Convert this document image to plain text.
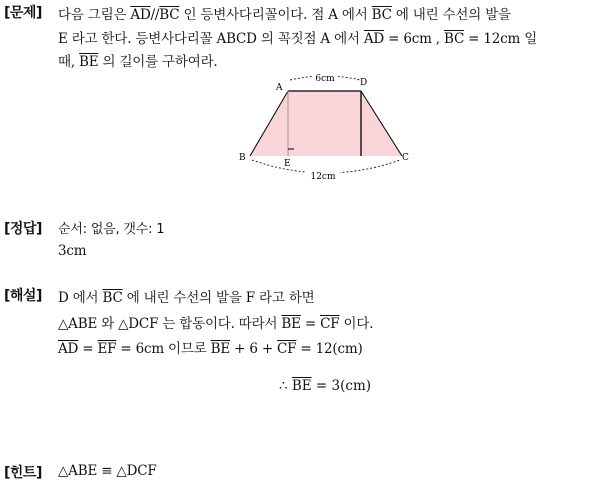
[문제] 다음 그림은 $\overline{AD}//\overline{BC}$ 인 등변사다리꼴이다. 점 A 에서 $\overline{BC}$ 에 내린 수선의 발을
E 라고 한다. 등변사다리꼴 ABCD 의 꼭짓점 A 에서 $\overline{AD} = 6cm$ , $\overline{BC} = 12cm$ 일
때, $\overline{BE}$ 의 길이를 구하여라.
6cm
12cm
A	D
B	C
E
[정답] 순서: 없음, 갯수: 1
3cm
[해설] D 에서 $\overline{BC}$ 에 내린 수선의 발을 F 라고 하면
△ABE 와 △DCF 는 합동이다. 따라서 $\overline{BE} = \overline{CF}$ 이다.
$\overline{AD} = \overline{EF} = 6cm$ 이므로 $\overline{BE} + 6 + \overline{CF} = 12(cm)$
∴ $\overline{BE} = 3(cm)$
[힌트] △ABE ≡ △DCF
